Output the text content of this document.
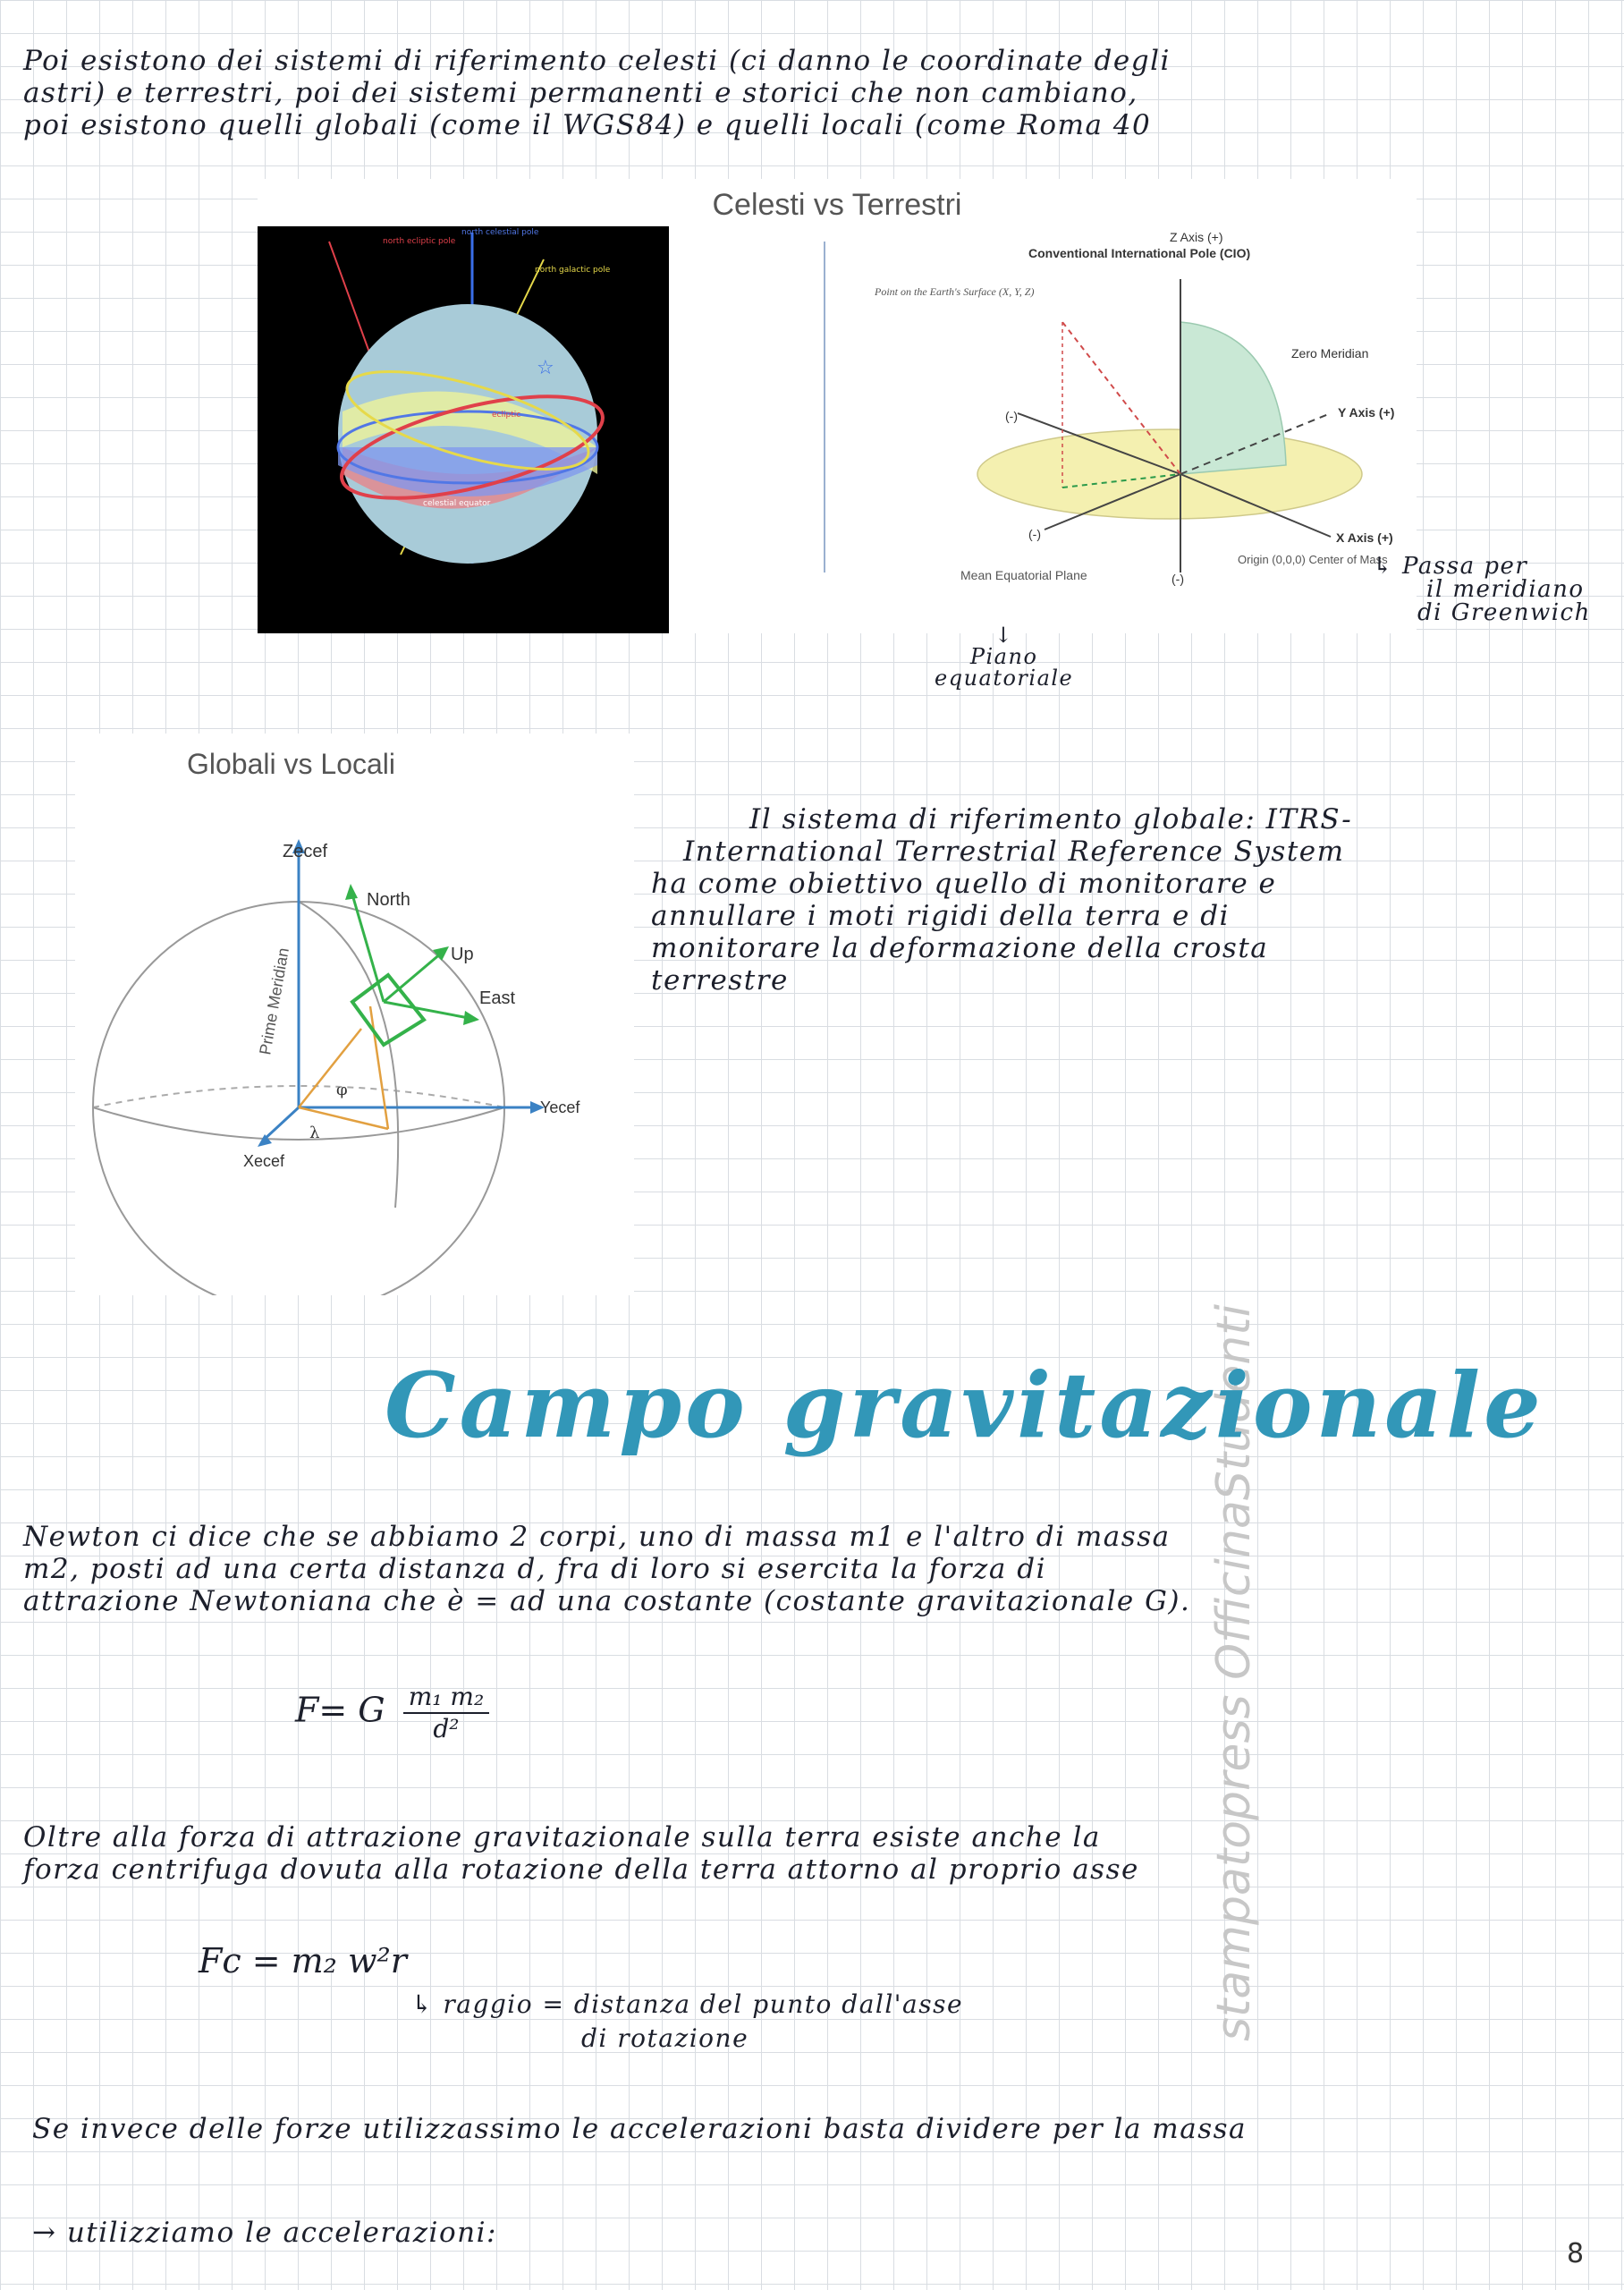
Poi esistono dei sistemi di riferimento celesti (ci danno le coordinate degli
astri) e terrestri, poi dei sistemi permanenti e storici che non cambiano,
poi esistono quelli globali (come il WGS84) e quelli locali (come Roma 40
Celesti vs Terrestri
☆
north ecliptic pole
north celestial pole
north galactic pole
ecliptic
celestial equator
Z Axis (+)
Conventional International Pole (CIO)
Point on the Earth's Surface (X, Y, Z)
Zero Meridian
Y Axis (+)
X Axis (+)
(-)
(-)
(-)
Mean Equatorial Plane
Origin (0,0,0) Center of Mass
↳ Passa per
il meridiano
di Greenwich
↓
Piano
equatoriale
Globali vs Locali
Zecef
North
Up
East
Prime Meridian
φ
λ
Yecef
Xecef
Il sistema di riferimento globale: ITRS-
International Terrestrial Reference System
ha come obiettivo quello di monitorare e
annullare i moti rigidi della terra e di
monitorare la deformazione della crosta
terrestre
stampatopress OfficinaStudenti
Campo gravitazionale
Newton ci dice che se abbiamo 2 corpi, uno di massa m1 e l'altro di massa
m2, posti ad una certa distanza d, fra di loro si esercita la forza di
attrazione Newtoniana che è = ad una costante (costante gravitazionale G).
F= G $\frac{\text{m₁ m₂}}{\text{d²}}$
Oltre alla forza di attrazione gravitazionale sulla terra esiste anche la
forza centrifuga dovuta alla rotazione della terra attorno al proprio asse
Fc = m₂ w²r
↳ raggio = distanza del punto dall'asse
di rotazione
Se invece delle forze utilizzassimo le accelerazioni basta dividere per la massa
→ utilizziamo le accelerazioni:
8
